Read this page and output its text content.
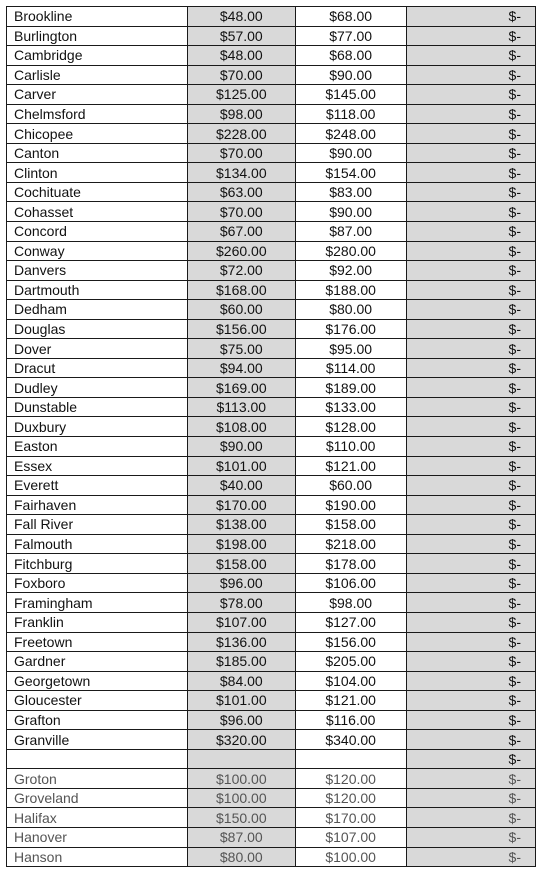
Brookline	$48.00	$68.00	$-
Burlington	$57.00	$77.00	$-
Cambridge	$48.00	$68.00	$-
Carlisle	$70.00	$90.00	$-
Carver	$125.00	$145.00	$-
Chelmsford	$98.00	$118.00	$-
Chicopee	$228.00	$248.00	$-
Canton	$70.00	$90.00	$-
Clinton	$134.00	$154.00	$-
Cochituate	$63.00	$83.00	$-
Cohasset	$70.00	$90.00	$-
Concord	$67.00	$87.00	$-
Conway	$260.00	$280.00	$-
Danvers	$72.00	$92.00	$-
Dartmouth	$168.00	$188.00	$-
Dedham	$60.00	$80.00	$-
Douglas	$156.00	$176.00	$-
Dover	$75.00	$95.00	$-
Dracut	$94.00	$114.00	$-
Dudley	$169.00	$189.00	$-
Dunstable	$113.00	$133.00	$-
Duxbury	$108.00	$128.00	$-
Easton	$90.00	$110.00	$-
Essex	$101.00	$121.00	$-
Everett	$40.00	$60.00	$-
Fairhaven	$170.00	$190.00	$-
Fall River	$138.00	$158.00	$-
Falmouth	$198.00	$218.00	$-
Fitchburg	$158.00	$178.00	$-
Foxboro	$96.00	$106.00	$-
Framingham	$78.00	$98.00	$-
Franklin	$107.00	$127.00	$-
Freetown	$136.00	$156.00	$-
Gardner	$185.00	$205.00	$-
Georgetown	$84.00	$104.00	$-
Gloucester	$101.00	$121.00	$-
Grafton	$96.00	$116.00	$-
Granville	$320.00	$340.00	$-
			$-
Groton	$100.00	$120.00	$-
Groveland	$100.00	$120.00	$-
Halifax	$150.00	$170.00	$-
Hanover	$87.00	$107.00	$-
Hanson	$80.00	$100.00	$-
